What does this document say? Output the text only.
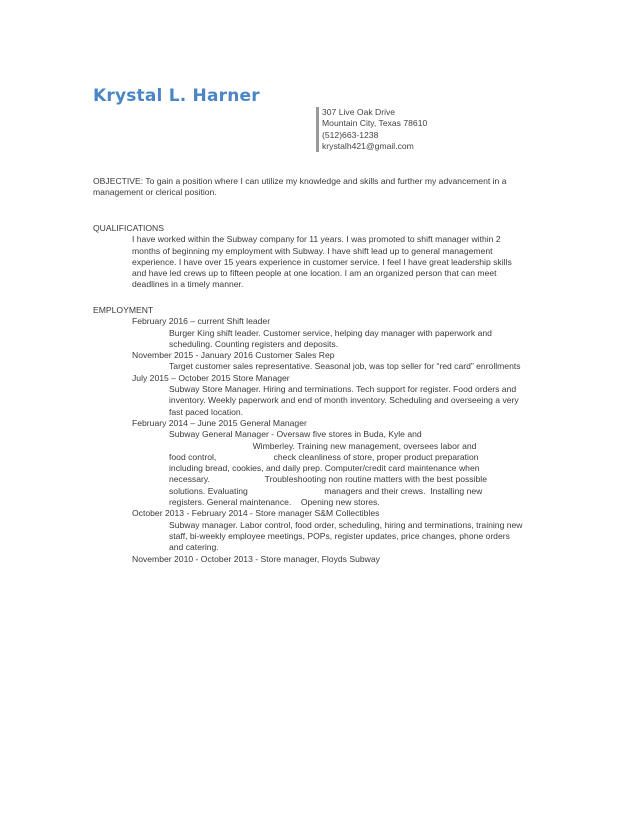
Krystal L. Harner
307 Live Oak Drive
Mountain City, Texas 78610
(512)663-1238
krystalh421@gmail.com
OBJECTIVE: To gain a position where I can utilize my knowledge and skills and further my advancement in a management or clerical position.
QUALIFICATIONS
I have worked within the Subway company for 11 years. I was promoted to shift manager within 2 months of beginning my employment with Subway. I have shift lead up to general management experience. I have over 15 years experience in customer service. I feel I have great leadership skills and have led crews up to fifteen people at one location. I am an organized person that can meet deadlines in a timely manner.
EMPLOYMENT
February 2016 – current Shift leader
Burger King shift leader. Customer service, helping day manager with paperwork and scheduling. Counting registers and deposits.
November 2015 - January 2016 Customer Sales Rep
Target customer sales representative. Seasonal job, was top seller for “red card” enrollments
July 2015 – October 2015 Store Manager
Subway Store Manager. Hiring and terminations. Tech support for register. Food orders and inventory. Weekly paperwork and end of month inventory. Scheduling and overseeing a very fast paced location.
February 2014 – June 2015 General Manager
Subway General Manager - Oversaw five stores in Buda, Kyle and
Wimberley. Training new management, oversees labor and
food control,                        check cleanliness of store, proper product preparation
including bread, cookies, and daily prep. Computer/credit card maintenance when
necessary.                       Troubleshooting non routine matters with the best possible
solutions. Evaluating                                managers and their crews.  Installing new
registers. General maintenance.    Opening new stores.
October 2013 - February 2014 - Store manager S&M Collectibles
Subway manager. Labor control, food order, scheduling, hiring and terminations, training new staff, bi-weekly employee meetings, POPs, register updates, price changes, phone orders and catering.
November 2010 - October 2013 - Store manager, Floyds Subway
